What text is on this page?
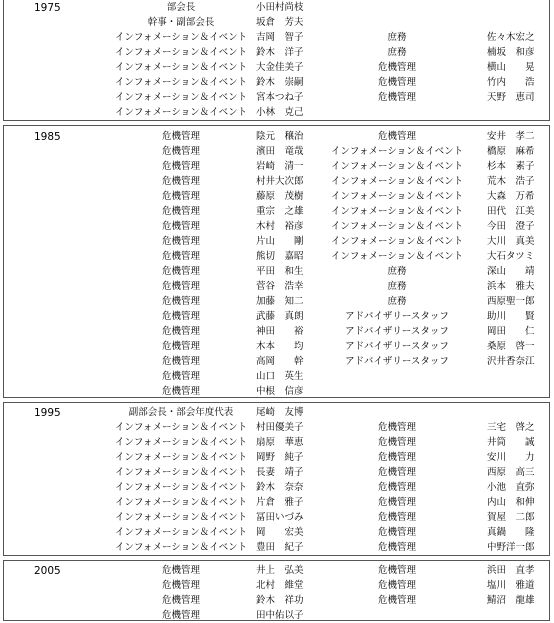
1975	部会長	小田村尚枝
幹事・副部会長	坂倉　芳夫
インフォメーション＆イベント 吉岡　智子	庶務	佐々木宏之
インフォメーション＆イベント 鈴木　洋子	庶務	楠坂　和彦
インフォメーション＆イベント 大金佳美子	危機管理	横山　　晃
インフォメーション＆イベント 鈴木　崇嗣	危機管理	竹内　　浩
インフォメーション＆イベント 宮本つね子	危機管理	天野　恵司
インフォメーション＆イベント 小林　克己
1985	危機管理	陰元　穣治	危機管理	安井　孝二
危機管理	濱田　竜哉	インフォメーション＆イベント	橋原　麻希
危機管理	岩崎　清一	インフォメーション＆イベント	杉本　素子
危機管理	村井大次郎	インフォメーション＆イベント	荒木　浩子
危機管理	藤原　茂樹	インフォメーション＆イベント	大森　万希
危機管理	重宗　之雄	インフォメーション＆イベント	田代　江美
危機管理	木村　裕彦	インフォメーション＆イベント	今田　澄子
危機管理	片山　　剛	インフォメーション＆イベント	大川　真美
危機管理	熊切　嘉昭	インフォメーション＆イベント	大石タツミ
危機管理	平田　和生	庶務	深山　　靖
危機管理	菅谷　浩幸	庶務	浜本　雅夫
危機管理	加藤　知二	庶務	西原聖一郎
危機管理	武藤　真朗	アドバイザリースタッフ	助川　　賢
危機管理	神田　　裕	アドバイザリースタッフ	岡田　　仁
危機管理	木本　　均	アドバイザリースタッフ	桑原　啓一
危機管理	高岡　　幹	アドバイザリースタッフ	沢井香奈江
危機管理	山口　英生
危機管理	中根　信彦
1995	副部会長・部会年度代表	尾崎　友博
インフォメーション＆イベント 村田優美子	危機管理	三宅　啓之
インフォメーション＆イベント 扇原　華恵	危機管理	井筒　　誠
インフォメーション＆イベント 岡野　純子	危機管理	安川　　力
インフォメーション＆イベント 長妻　靖子	危機管理	西原　高三
インフォメーション＆イベント 鈴木　奈奈	危機管理	小池　直弥
インフォメーション＆イベント 片倉　雅子	危機管理	内山　和伸
インフォメーション＆イベント 冨田いづみ	危機管理	賀屋　二郎
インフォメーション＆イベント 岡　　宏美	危機管理	真鍋　　隆
インフォメーション＆イベント 豊田　紀子	危機管理	中野洋一郎
2005	危機管理	井上　弘美	危機管理	浜田　直孝
危機管理	北村　維堂	危機管理	塩川　雅道
危機管理	鈴木　祥功	危機管理	鯖沼　龍雄
危機管理	田中佑以子
